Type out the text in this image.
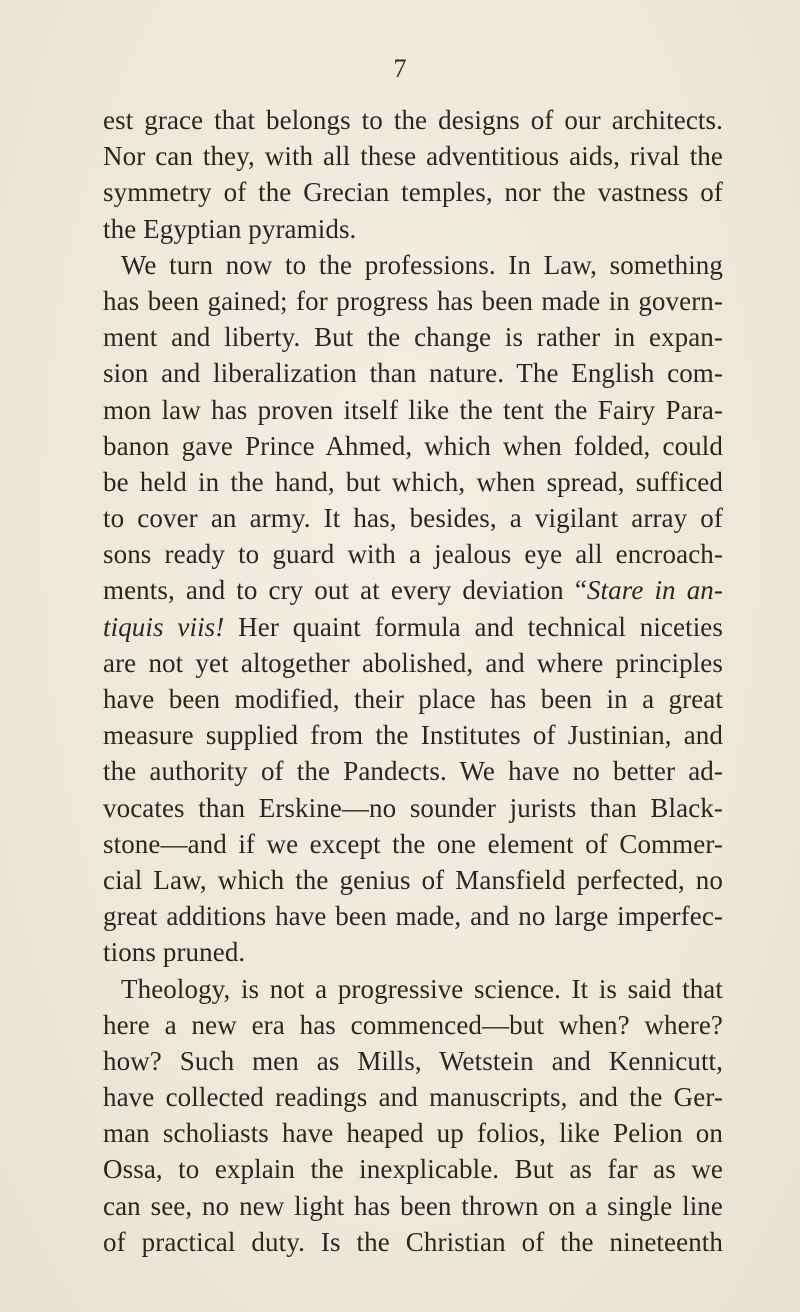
7
est grace that belongs to the designs of our architects.
Nor can they, with all these adventitious aids, rival the
symmetry of the Grecian temples, nor the vastness of
the Egyptian pyramids.
We turn now to the professions. In Law, something
has been gained; for progress has been made in govern-
ment and liberty. But the change is rather in expan-
sion and liberalization than nature. The English com-
mon law has proven itself like the tent the Fairy Para-
banon gave Prince Ahmed, which when folded, could
be held in the hand, but which, when spread, sufficed
to cover an army. It has, besides, a vigilant array of
sons ready to guard with a jealous eye all encroach-
ments, and to cry out at every deviation “Stare in an-
tiquis viis! Her quaint formula and technical niceties
are not yet altogether abolished, and where principles
have been modified, their place has been in a great
measure supplied from the Institutes of Justinian, and
the authority of the Pandects. We have no better ad-
vocates than Erskine—no sounder jurists than Black-
stone—and if we except the one element of Commer-
cial Law, which the genius of Mansfield perfected, no
great additions have been made, and no large imperfec-
tions pruned.
Theology, is not a progressive science. It is said that
here a new era has commenced—but when? where?
how? Such men as Mills, Wetstein and Kennicutt,
have collected readings and manuscripts, and the Ger-
man scholiasts have heaped up folios, like Pelion on
Ossa, to explain the inexplicable. But as far as we
can see, no new light has been thrown on a single line
of practical duty. Is the Christian of the nineteenth
